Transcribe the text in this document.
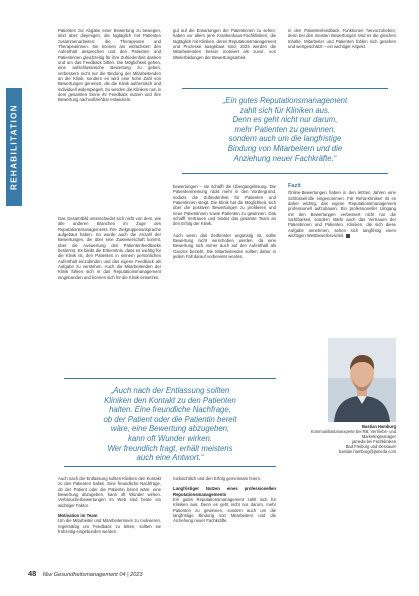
REHABILITATION

Patienten zur Abgabe einer Bewertung zu bewegen, sind aber diejenigen, die tagtäglich mit Patienten zusammenarbeiten: die Therapeuten und Therapeutinnen. Sie können am einfachsten den Aufenthalt ansprechen und den Patienten und Patientinnen gleichzeitig für ihre Zufriedenheit danken und um das Feedback bitten. Die Möglichkeit gehen, eine aufschlussreiche Bewertung zu geben, verbessern nicht nur die Bindung der Mitarbeitenden an die Klinik, sondern es wird eine hohe Zahl von Bewertungen generiert, die die Klinik authentisch und individuell widerspiegelt. So werden die Kliniken nun in dem gesamten Sinne ihr Feedback nutzen und ihre Bewertung nachvollziehbar entwickeln.

Das Gesamtbild unterscheidet sich nicht von dem, wie alle anderen Branchen im Zuge des Reputationsmanagements ihre Zielgruppenansprache aufgebaut haben. So wurde auch die Anzahl der Bewertungen, die über eine Zuweiserschaft kommt, über die Auswertung des Patientenfeedbacks bestimmt. Es bleibt die Erkenntnis, dass es wichtig für die Klinik ist, den Patienten in seinem persönlichen Aufenthalt einzubinden und das eigene Feedback als Aufgabe zu verstehen. Auch die Mitarbeitenden der Klinik fühlen sich in das Reputationsmanagement eingebunden und können sich für die Klinik einsetzen.

gut auf die Erwartungen der Patientinnen zu sehen, haben vor allem jene Krankenhaus-Fachkliniken, die tagtäglich mit Kliniken, deren Reputationsmanagement und Prozesse ausgebaut sind, 2023 werden die Mitarbeitenden besser motiviert als zuvor, von Weiterbildungen der Bewertungsarbeit.

„Ein gutes Reputationsmanagement
zahlt sich für Kliniken aus.
Denn es geht nicht nur darum,
mehr Patienten zu gewinnen,
sondern auch um die langfristige
Bindung von Mitarbeitern und die
Anziehung neuer Fachkräfte.“

in den Patientenfeedback Funktionen hervorzuheben, denn bei den meisten Bewertungen sind es die gleichen Inhalte. Mitarbeiter und Patienten fühlen sich gesehen und wertgeschätzt – ein wichtiger Aspekt.

bewertungen – sie schafft die Übergangslösung. Die Patientenmeinung rückt mehr in den Vordergrund, sodass die Zufriedenheit für Patienten und Patientinnen steigt. Die Klinik hat die Möglichkeit, sich über die positiven Bewertungen zu profilieren und neue Patientinnen sowie Patienten zu gewinnen. Das schafft Vertrauen und bindet das gesamte Team an den Erfolg der Klinik.

Auch wenn das Zeitfenster ungünstig ist, sollte Bewertung nicht verschoben werden, da eine Bewertung sich immer auch auf den Aufenthalt als Ganzes bezieht. Die Mitarbeitenden sollten daher in jedem Fall darauf vorbereitet werden.

Fazit

Online-Bewertungen haben in den letzten Jahren eine Schlüsselrolle eingenommen. Für Reha-Kliniken ist es daher wichtig, das eigene Reputationsmanagement professionell aufzubauen. Ein professioneller Umgang mit den Bewertungen verbessert nicht nur die Sichtbarkeit, sondern stärkt auch das Vertrauen der Patientinnen und Patienten. Kliniken, die sich diese Aufgabe annehmen, sehen sich langfristig einen wichtigen Wettbewerbsvorteil.

Bastian Hamburg
Kommunikationsexperte bei RB, Vertriebs- und Marketingmanager
jameda bei Fachkliniken
Bad Freiburg und Dessauer
bastian.hamburg@jameda.com
„Auch nach der Entlassung sollten
Kliniken den Kontakt zu den Patienten
halten. Eine freundliche Nachfrage,
ob der Patient oder die Patientin bereit
wäre, eine Bewertung abzugeben,
kann oft Wunder wirken.
Wer freundlich fragt, erhält meistens
auch eine Antwort.“

Auch nach der Entlassung sollten Kliniken den Kontakt zu den Patienten halten. Eine freundliche Nachfrage, ob der Patient oder die Patientin bereit wäre, eine Bewertung abzugeben, kann oft Wunder wirken. Verbraucherbewertungen im Web sind heute ein wichtiger Faktor.

Motivation im Team

Um die Mitarbeiter und Mitarbeiterinnen zu motivieren, regelmäßig um Feedback zu bitten, sollten sie frühzeitig eingebunden werden.

rücksichtlich und den Erfolg gemeinsam feiern.

Langfristiger Nutzen eines professionellen Reputationsmanagements

Ein gutes Reputationsmanagement zahlt sich für Kliniken aus. Denn es geht nicht nur darum, mehr Patienten zu gewinnen, sondern auch um die langfristige Bindung von Mitarbeitern und die Anziehung neuer Fachkräfte.

48 f&w Gesundheitsmanagement 04 | 2023
